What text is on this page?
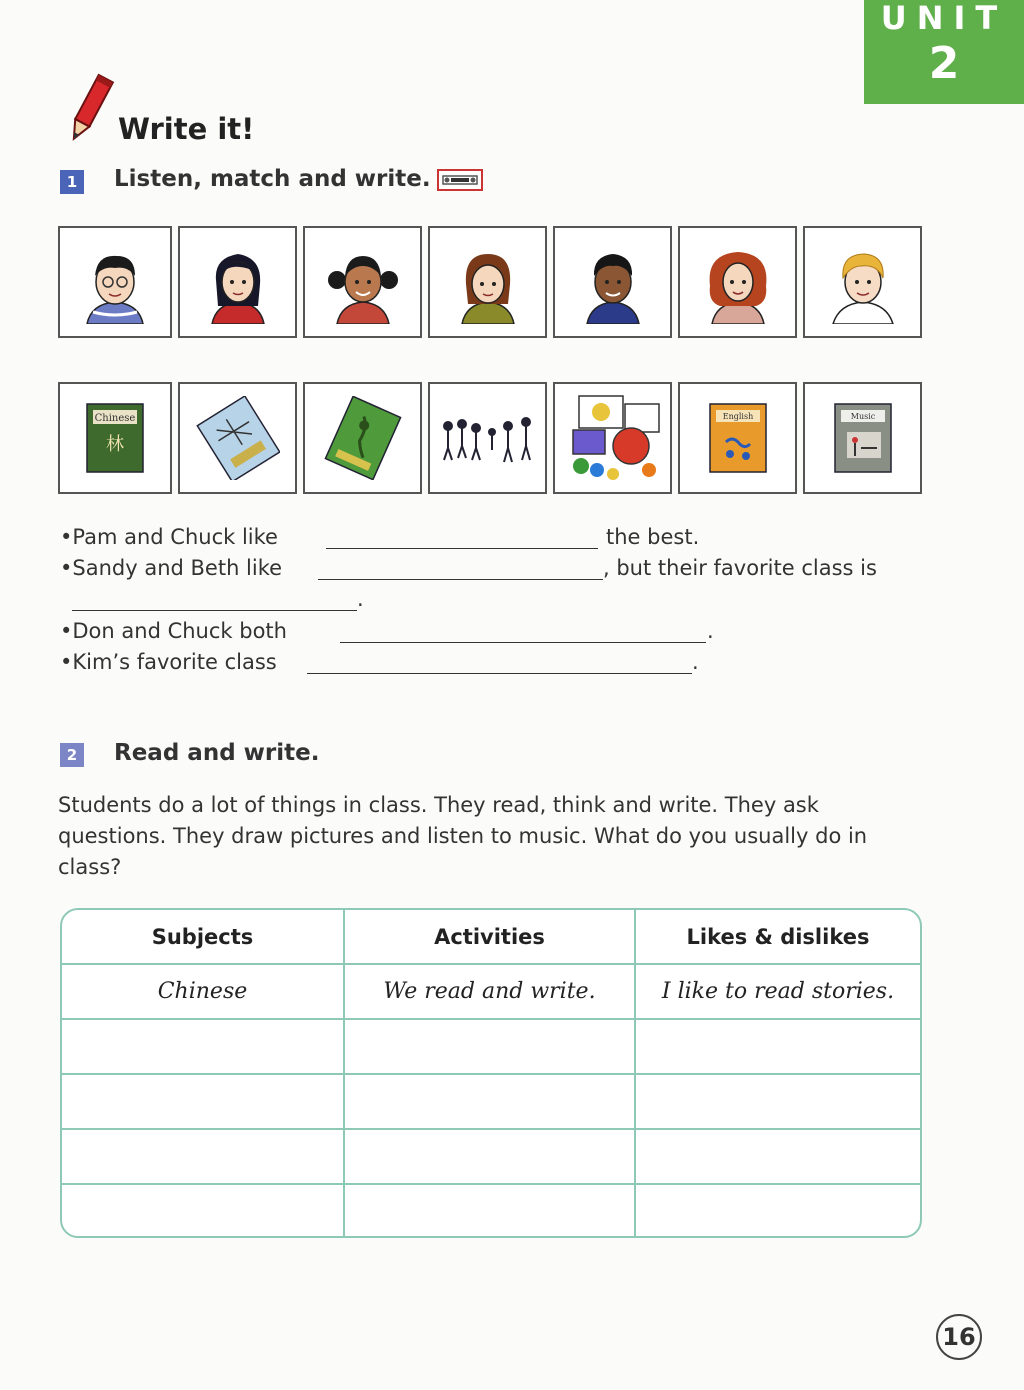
UNIT
2
Write it!
1 Listen, match and write.
Chinese
林
English	Music
•Pam and Chuck like	the best.
•Sandy and Beth like	, but their favorite class is
.
•Don and Chuck both	.
•Kim’s favorite class	.
2 Read and write.
Students do a lot of things in class. They read, think and write. They ask questions. They draw pictures and listen to music. What do you usually do in class?
Subjects	Activities	Likes & dislikes
Chinese	We read and write.	I like to read stories.
16
